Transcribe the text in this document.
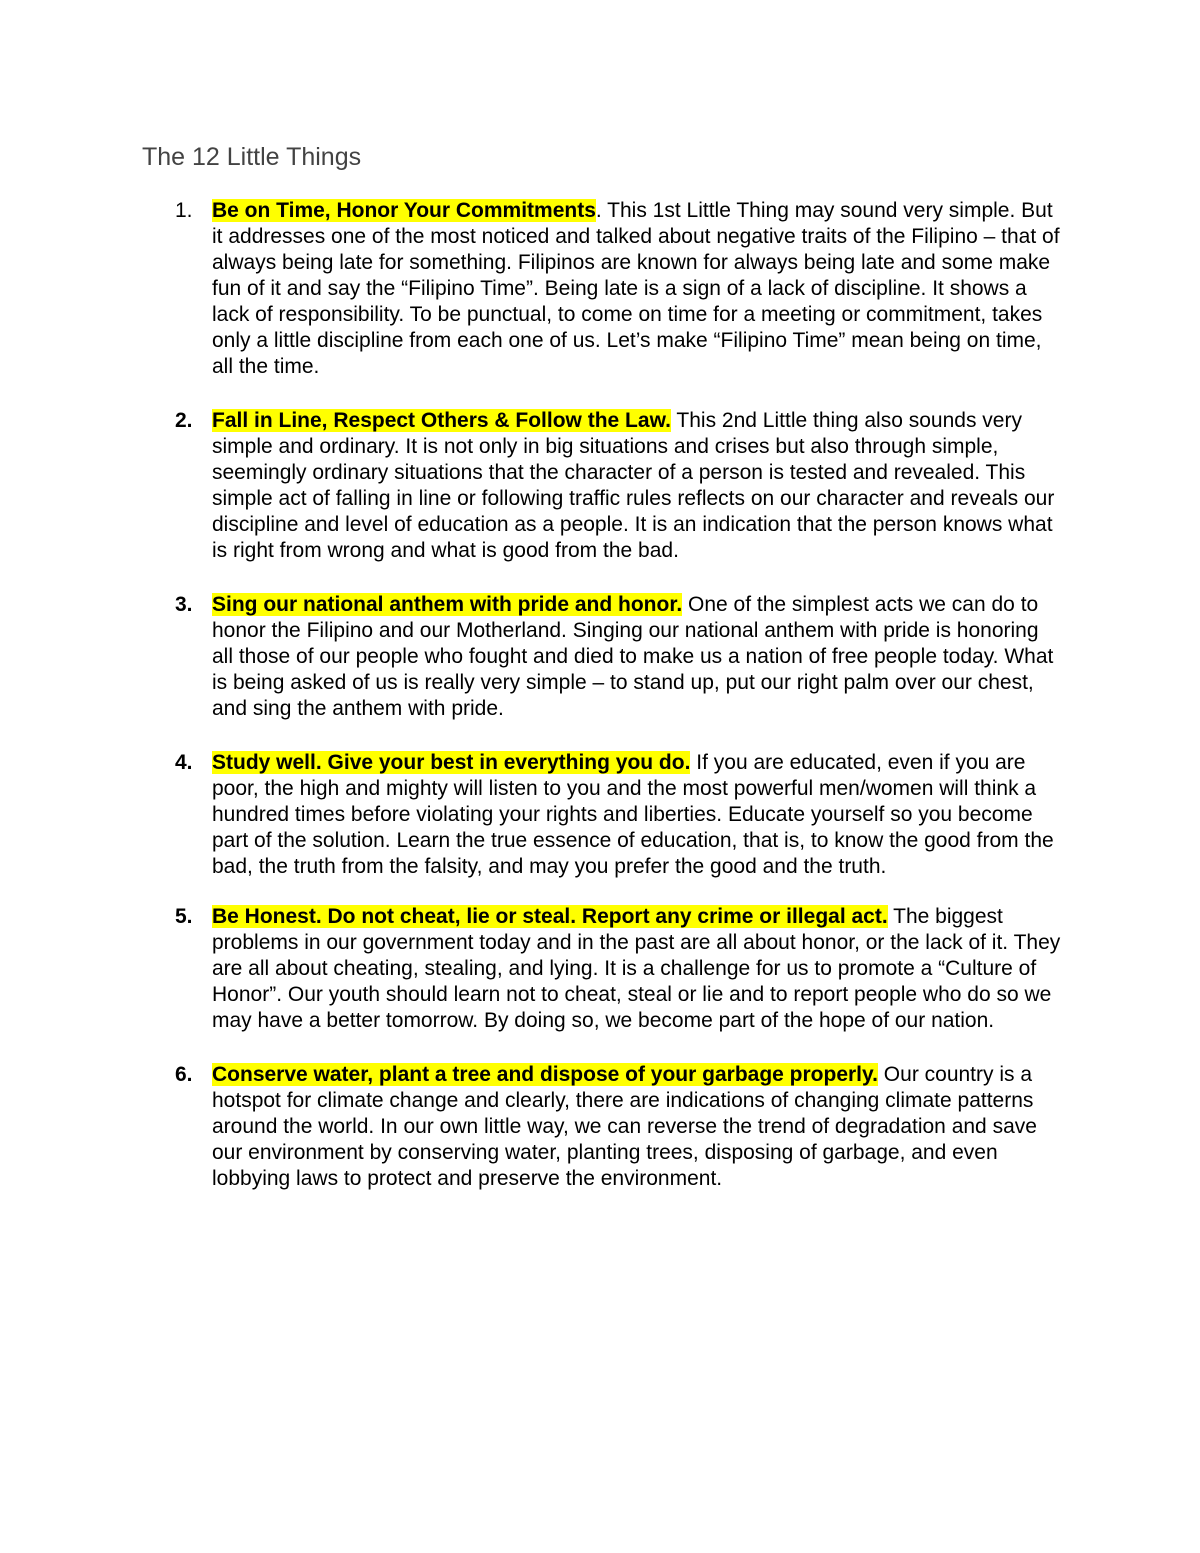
The 12 Little Things
1. Be on Time, Honor Your Commitments. This 1st Little Thing may sound very simple. But it addresses one of the most noticed and talked about negative traits of the Filipino – that of always being late for something. Filipinos are known for always being late and some make fun of it and say the “Filipino Time”. Being late is a sign of a lack of discipline. It shows a lack of responsibility. To be punctual, to come on time for a meeting or commitment, takes only a little discipline from each one of us. Let’s make “Filipino Time” mean being on time, all the time.

2. Fall in Line, Respect Others & Follow the Law. This 2nd Little thing also sounds very simple and ordinary. It is not only in big situations and crises but also through simple, seemingly ordinary situations that the character of a person is tested and revealed. This simple act of falling in line or following traffic rules reflects on our character and reveals our discipline and level of education as a people. It is an indication that the person knows what is right from wrong and what is good from the bad.

3. Sing our national anthem with pride and honor. One of the simplest acts we can do to honor the Filipino and our Motherland. Singing our national anthem with pride is honoring all those of our people who fought and died to make us a nation of free people today. What is being asked of us is really very simple – to stand up, put our right palm over our chest, and sing the anthem with pride.

4. Study well. Give your best in everything you do. If you are educated, even if you are poor, the high and mighty will listen to you and the most powerful men/women will think a hundred times before violating your rights and liberties. Educate yourself so you become part of the solution. Learn the true essence of education, that is, to know the good from the bad, the truth from the falsity, and may you prefer the good and the truth.

5. Be Honest. Do not cheat, lie or steal. Report any crime or illegal act. The biggest problems in our government today and in the past are all about honor, or the lack of it. They are all about cheating, stealing, and lying. It is a challenge for us to promote a “Culture of Honor”. Our youth should learn not to cheat, steal or lie and to report people who do so we may have a better tomorrow. By doing so, we become part of the hope of our nation.

6. Conserve water, plant a tree and dispose of your garbage properly. Our country is a hotspot for climate change and clearly, there are indications of changing climate patterns around the world. In our own little way, we can reverse the trend of degradation and save our environment by conserving water, planting trees, disposing of garbage, and even lobbying laws to protect and preserve the environment.
